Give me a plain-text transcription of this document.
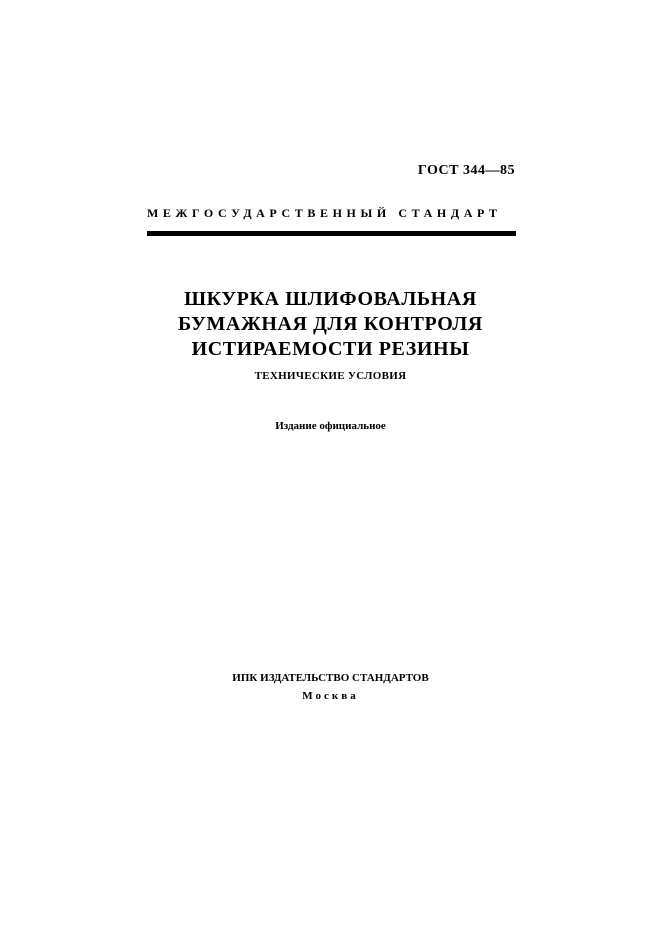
ГОСТ 344—85
МЕЖГОСУДАРСТВЕННЫЙ СТАНДАРТ
ШКУРКА ШЛИФОВАЛЬНАЯ
БУМАЖНАЯ ДЛЯ КОНТРОЛЯ
ИСТИРАЕМОСТИ РЕЗИНЫ
ТЕХНИЧЕСКИЕ УСЛОВИЯ
Издание официальное
ИПК ИЗДАТЕЛЬСТВО СТАНДАРТОВ
Москва
